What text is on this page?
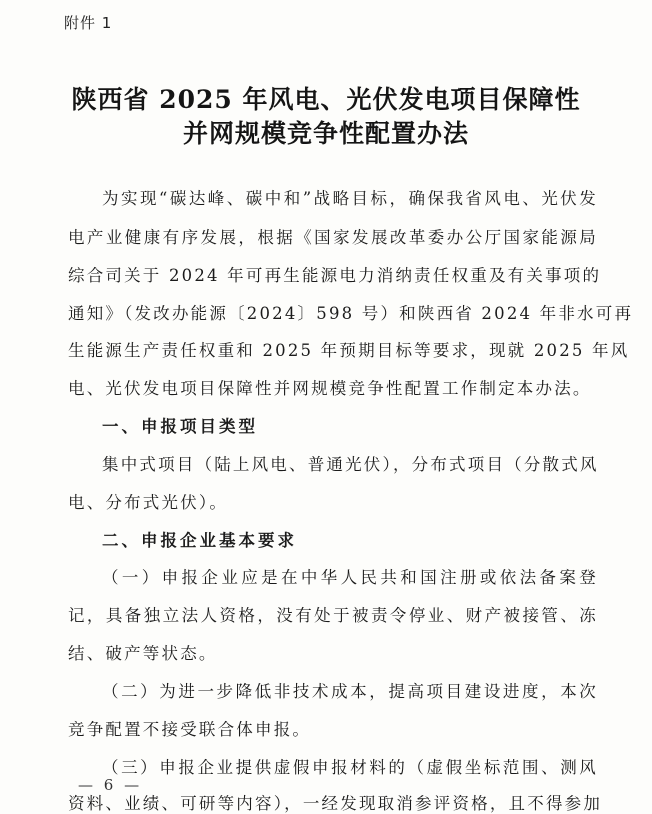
附件 1
陕西省 2025 年风电、光伏发电项目保障性
并网规模竞争性配置办法
为实现“碳达峰、碳中和”战略目标，确保我省风电、光伏发
电产业健康有序发展，根据《国家发展改革委办公厅国家能源局
综合司关于 2024 年可再生能源电力消纳责任权重及有关事项的
通知》（发改办能源〔2024〕598 号）和陕西省 2024 年非水可再
生能源生产责任权重和 2025 年预期目标等要求，现就 2025 年风
电、光伏发电项目保障性并网规模竞争性配置工作制定本办法。
一、申报项目类型
集中式项目（陆上风电、普通光伏），分布式项目（分散式风
电、分布式光伏）。
二、申报企业基本要求
（一）申报企业应是在中华人民共和国注册或依法备案登
记，具备独立法人资格，没有处于被责令停业、财产被接管、冻
结、破产等状态。
（二）为进一步降低非技术成本，提高项目建设进度，本次
竞争配置不接受联合体申报。
（三）申报企业提供虚假申报材料的（虚假坐标范围、测风
资料、业绩、可研等内容），一经发现取消参评资格，且不得参加
— 6 —
